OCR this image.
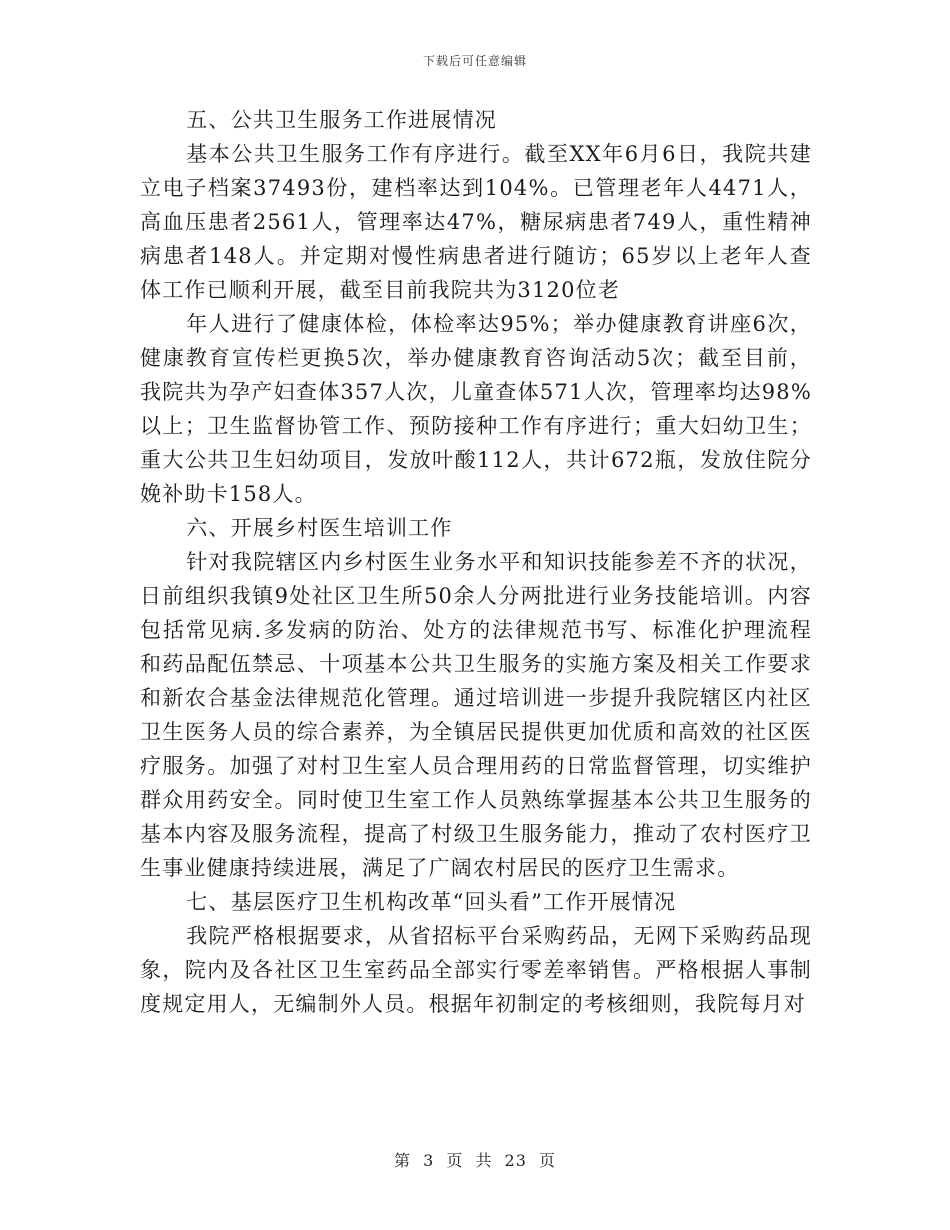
下载后可任意编辑

五、公共卫生服务工作进展情况

基本公共卫生服务工作有序进行。截至XX年6月6日，我院共建立电子档案37493份，建档率达到104%。已管理老年人4471人，高血压患者2561人，管理率达47%，糖尿病患者749人，重性精神病患者148人。并定期对慢性病患者进行随访；65岁以上老年人查体工作已顺利开展，截至目前我院共为3120位老

年人进行了健康体检，体检率达95%；举办健康教育讲座6次，健康教育宣传栏更换5次，举办健康教育咨询活动5次；截至目前，我院共为孕产妇查体357人次，儿童查体571人次，管理率均达98%以上；卫生监督协管工作、预防接种工作有序进行；重大妇幼卫生；重大公共卫生妇幼项目，发放叶酸112人，共计672瓶，发放住院分娩补助卡158人。

六、开展乡村医生培训工作

针对我院辖区内乡村医生业务水平和知识技能参差不齐的状况，日前组织我镇9处社区卫生所50余人分两批进行业务技能培训。内容包括常见病.多发病的防治、处方的法律规范书写、标准化护理流程和药品配伍禁忌、十项基本公共卫生服务的实施方案及相关工作要求和新农合基金法律规范化管理。通过培训进一步提升我院辖区内社区卫生医务人员的综合素养，为全镇居民提供更加优质和高效的社区医疗服务。加强了对村卫生室人员合理用药的日常监督管理，切实维护群众用药安全。同时使卫生室工作人员熟练掌握基本公共卫生服务的基本内容及服务流程，提高了村级卫生服务能力，推动了农村医疗卫生事业健康持续进展，满足了广阔农村居民的医疗卫生需求。

七、基层医疗卫生机构改革“回头看”工作开展情况

我院严格根据要求，从省招标平台采购药品，无网下采购药品现象，院内及各社区卫生室药品全部实行零差率销售。严格根据人事制度规定用人，无编制外人员。根据年初制定的考核细则，我院每月对

第 3 页 共 23 页
